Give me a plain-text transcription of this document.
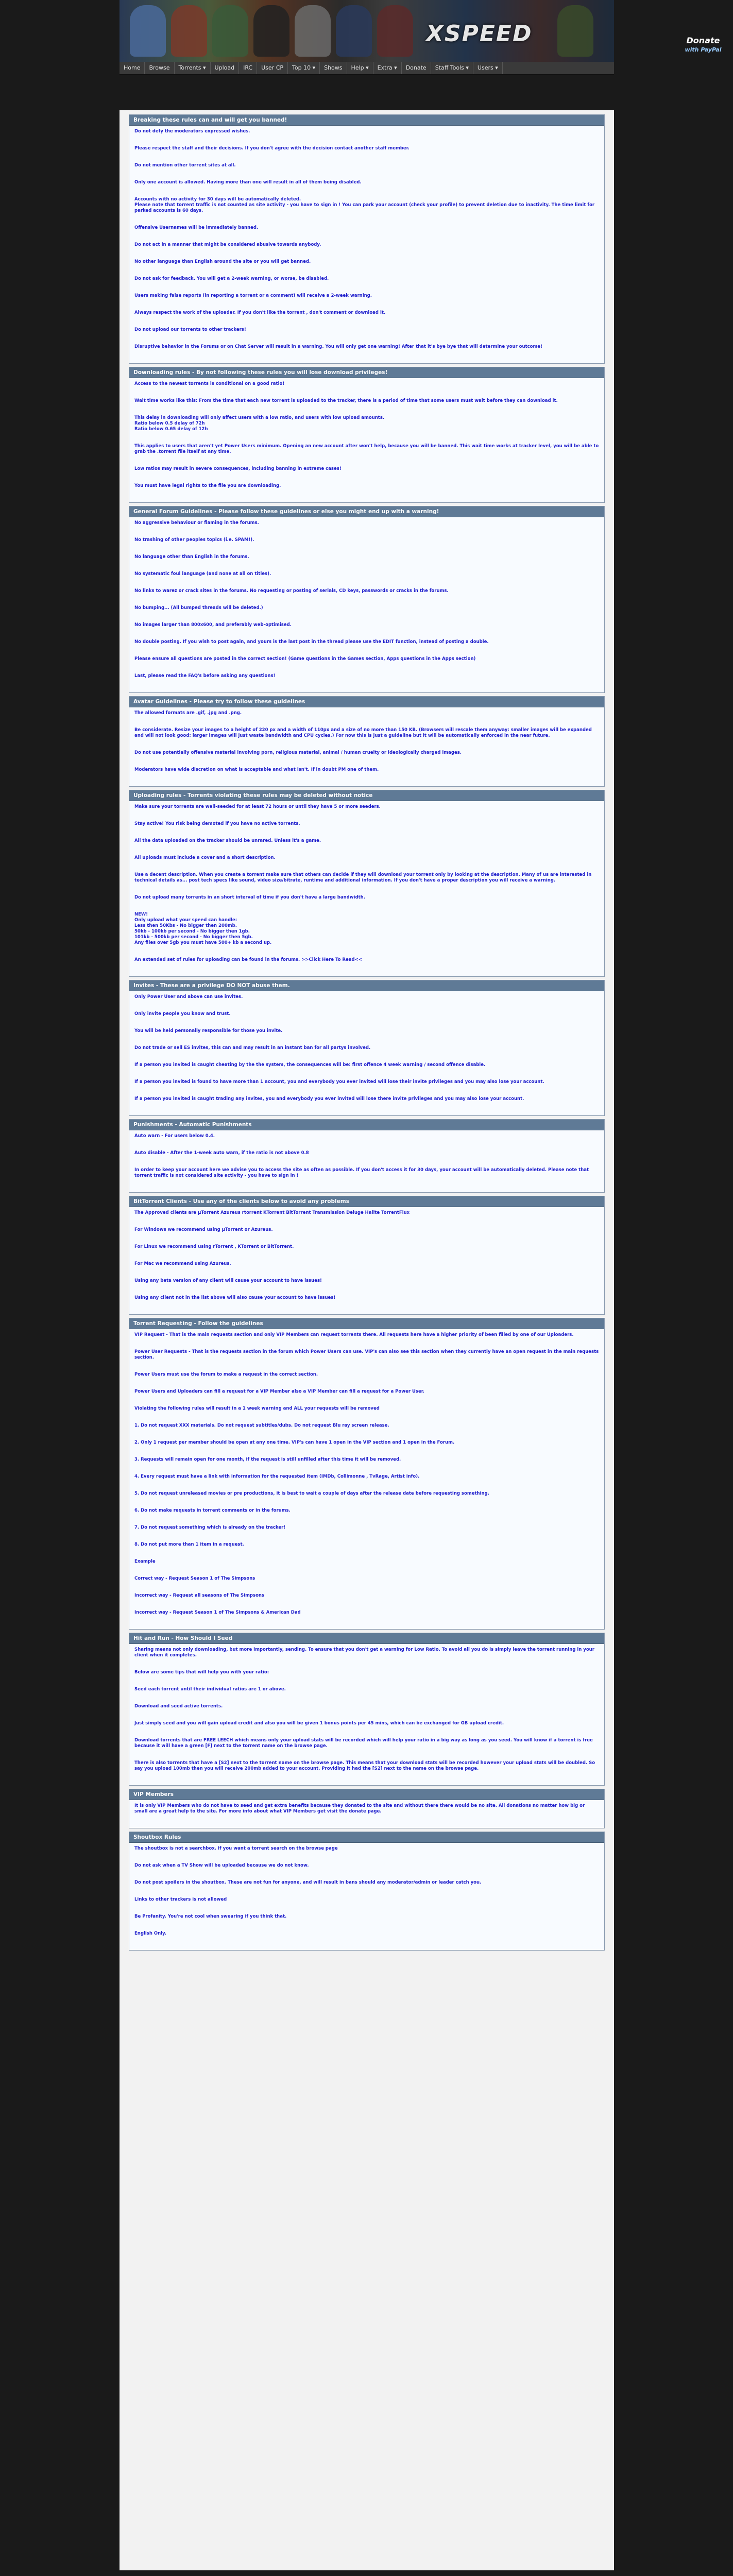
XSPEED	Donate
with PayPal
Home	Browse	Torrents ▾	Upload	IRC	User CP	Top 10 ▾	Shows	Help ▾	Extra ▾	Donate	Staff Tools ▾	Users ▾
Breaking these rules can and will get you banned!
Do not defy the moderators expressed wishes.
Please respect the staff and their decisions. If you don't agree with the decision contact another staff member.
Do not mention other torrent sites at all.
Only one account is allowed. Having more than one will result in all of them being disabled.
Accounts with no activity for 30 days will be automatically deleted.
Please note that torrent traffic is not counted as site activity - you have to sign in ! You can park your account (check your profile) to prevent deletion due to inactivity. The time limit for parked accounts is 60 days.
Offensive Usernames will be immediately banned.
Do not act in a manner that might be considered abusive towards anybody.
No other language than English around the site or you will get banned.
Do not ask for feedback. You will get a 2-week warning, or worse, be disabled.
Users making false reports (in reporting a torrent or a comment) will receive a 2-week warning.
Always respect the work of the uploader. If you don't like the torrent , don't comment or download it.
Do not upload our torrents to other trackers!
Disruptive behavior in the Forums or on Chat Server will result in a warning. You will only get one warning! After that it's bye bye that will determine your outcome!
Downloading rules - By not following these rules you will lose download privileges!
Access to the newest torrents is conditional on a good ratio!
Wait time works like this: From the time that each new torrent is uploaded to the tracker, there is a period of time that some users must wait before they can download it.
This delay in downloading will only affect users with a low ratio, and users with low upload amounts.
Ratio below 0.5 delay of 72h
Ratio below 0.65 delay of 12h
This applies to users that aren't yet Power Users minimum. Opening an new account after won't help, because you will be banned. This wait time works at tracker level, you will be able to grab the .torrent file itself at any time.
Low ratios may result in severe consequences, including banning in extreme cases!
You must have legal rights to the file you are downloading.
General Forum Guidelines - Please follow these guidelines or else you might end up with a warning!
No aggressive behaviour or flaming in the forums.
No trashing of other peoples topics (i.e. SPAM!).
No language other than English in the forums.
No systematic foul language (and none at all on titles).
No links to warez or crack sites in the forums. No requesting or posting of serials, CD keys, passwords or cracks in the forums.
No bumping... (All bumped threads will be deleted.)
No images larger than 800x600, and preferably web-optimised.
No double posting. If you wish to post again, and yours is the last post in the thread please use the EDIT function, instead of posting a double.
Please ensure all questions are posted in the correct section! (Game questions in the Games section, Apps questions in the Apps section)
Last, please read the FAQ's before asking any questions!
Avatar Guidelines - Please try to follow these guidelines
The allowed formats are .gif, .jpg and .png.
Be considerate. Resize your images to a height of 220 px and a width of 110px and a size of no more than 150 KB. (Browsers will rescale them anyway: smaller images will be expanded and will not look good; larger images will just waste bandwidth and CPU cycles.) For now this is just a guideline but it will be automatically enforced in the near future.
Do not use potentially offensive material involving porn, religious material, animal / human cruelty or ideologically charged images.
Moderators have wide discretion on what is acceptable and what isn't. If in doubt PM one of them.
Uploading rules - Torrents violating these rules may be deleted without notice
Make sure your torrents are well-seeded for at least 72 hours or until they have 5 or more seeders.
Stay active! You risk being demoted if you have no active torrents.
All the data uploaded on the tracker should be unrared. Unless it's a game.
All uploads must include a cover and a short description.
Use a decent description. When you create a torrent make sure that others can decide if they will download your torrent only by looking at the description. Many of us are interested in technical details as... post tech specs like sound, video size/bitrate, runtime and additional information. If you don't have a proper description you will receive a warning.
Do not upload many torrents in an short interval of time if you don't have a large bandwidth.
NEW!
Only upload what your speed can handle:
Less then 50Kbs - No bigger then 200mb.
50kb - 100kb per second - No bigger then 1gb.
101kb - 500kb per second - No bigger then 5gb.
Any files over 5gb you must have 500+ kb a second up.
An extended set of rules for uploading can be found in the forums. >>Click Here To Read<<
Invites - These are a privilege DO NOT abuse them.
Only Power User and above can use invites.
Only invite people you know and trust.
You will be held personally responsible for those you invite.
Do not trade or sell ES invites, this can and may result in an instant ban for all partys involved.
If a person you invited is caught cheating by the the system, the consequences will be: first offence 4 week warning / second offence disable.
If a person you invited is found to have more than 1 account, you and everybody you ever invited will lose their invite privileges and you may also lose your account.
If a person you invited is caught trading any invites, you and everybody you ever invited will lose there invite privileges and you may also lose your account.
Punishments - Automatic Punishments
Auto warn - For users below 0.4.
Auto disable - After the 1-week auto warn, if the ratio is not above 0.8
In order to keep your account here we advise you to access the site as often as possible. If you don't access it for 30 days, your account will be automatically deleted. Please note that torrent traffic is not considered site activity - you have to sign in !
BitTorrent Clients - Use any of the clients below to avoid any problems
The Approved clients are µTorrent Azureus rtorrent KTorrent BitTorrent Transmission Deluge Halite TorrentFlux
For Windows we recommend using µTorrent or Azureus.
For Linux we recommend using rTorrent , KTorrent or BitTorrent.
For Mac we recommend using Azureus.
Using any beta version of any client will cause your account to have issues!
Using any client not in the list above will also cause your account to have issues!
Torrent Requesting - Follow the guidelines
VIP Request - That is the main requests section and only VIP Members can request torrents there. All requests here have a higher priority of been filled by one of our Uploaders.
Power User Requests - That is the requests section in the forum which Power Users can use. VIP's can also see this section when they currently have an open request in the main requests section.
Power Users must use the forum to make a request in the correct section.
Power Users and Uploaders can fill a request for a VIP Member also a VIP Member can fill a request for a Power User.
Violating the following rules will result in a 1 week warning and ALL your requests will be removed
1. Do not request XXX materials. Do not request subtitles/dubs. Do not request Blu ray screen release.
2. Only 1 request per member should be open at any one time. VIP's can have 1 open in the VIP section and 1 open in the Forum.
3. Requests will remain open for one month, if the request is still unfilled after this time it will be removed.
4. Every request must have a link with information for the requested item (IMDb, Collimonne , TvRage, Artist info).
5. Do not request unreleased movies or pre productions, it is best to wait a couple of days after the release date before requesting something.
6. Do not make requests in torrent comments or in the forums.
7. Do not request something which is already on the tracker!
8. Do not put more than 1 item in a request.
Example
Correct way - Request Season 1 of The Simpsons
Incorrect way - Request all seasons of The Simpsons
Incorrect way - Request Season 1 of The Simpsons & American Dad
Hit and Run - How Should I Seed
Sharing means not only downloading, but more importantly, sending. To ensure that you don't get a warning for Low Ratio. To avoid all you do is simply leave the torrent running in your client when it completes.
Below are some tips that will help you with your ratio:
Seed each torrent until their individual ratios are 1 or above.
Download and seed active torrents.
Just simply seed and you will gain upload credit and also you will be given 1 bonus points per 45 mins, which can be exchanged for GB upload credit.
Download torrents that are FREE LEECH which means only your upload stats will be recorded which will help your ratio in a big way as long as you seed. You will know if a torrent is free because it will have a green [F] next to the torrent name on the browse page.
There is also torrents that have a [S2] next to the torrent name on the browse page. This means that your download stats will be recorded however your upload stats will be doubled. So say you upload 100mb then you will receive 200mb added to your account. Providing it had the [S2] next to the name on the browse page.
VIP Members
It is only VIP Members who do not have to seed and get extra benefits because they donated to the site and without there there would be no site. All donations no matter how big or small are a great help to the site. For more info about what VIP Members get visit the donate page.
Shoutbox Rules
The shoutbox is not a searchbox. If you want a torrent search on the browse page
Do not ask when a TV Show will be uploaded because we do not know.
Do not post spoilers in the shoutbox. These are not fun for anyone, and will result in bans should any moderator/admin or leader catch you.
Links to other trackers is not allowed
Be Profanity. You're not cool when swearing if you think that.
English Only.
